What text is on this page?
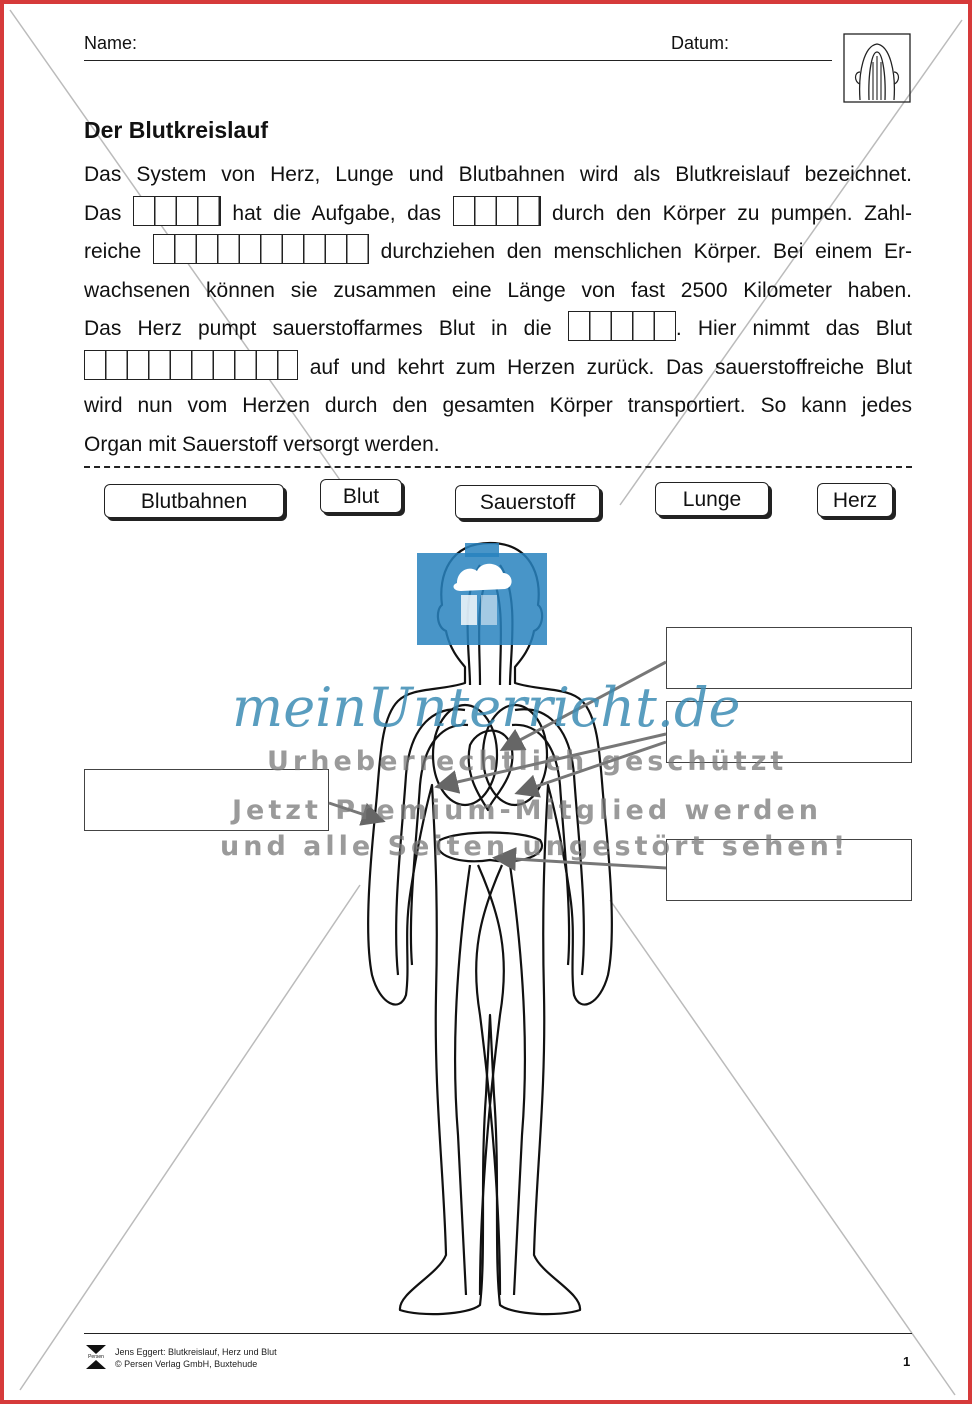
Name:	Datum:
Der Blutkreislauf
Das System von Herz, Lunge und Blutbahnen wird als Blutkreislauf bezeichnet.
Das	hat die Aufgabe, das	durch den Körper zu pumpen. Zahl-
reiche	durchziehen den menschlichen Körper. Bei einem Er-
wachsenen können sie zusammen eine Länge von fast 2500 Kilometer haben.
Das Herz pumpt sauerstoffarmes Blut in die	. Hier nimmt das Blut
auf und kehrt zum Herzen zurück. Das sauerstoffreiche Blut
wird nun vom Herzen durch den gesamten Körper transportiert. So kann jedes
Organ mit Sauerstoff versorgt werden.
Blutbahnen	Blut	Sauerstoff	Lunge	Herz
meinUnterricht.de
Urheberrechtlich geschützt
Jetzt Premium-Mitglied werden
und alle Seiten ungestört sehen!
Persen	Jens Eggert: Blutkreislauf, Herz und Blut
© Persen Verlag GmbH, Buxtehude	1
